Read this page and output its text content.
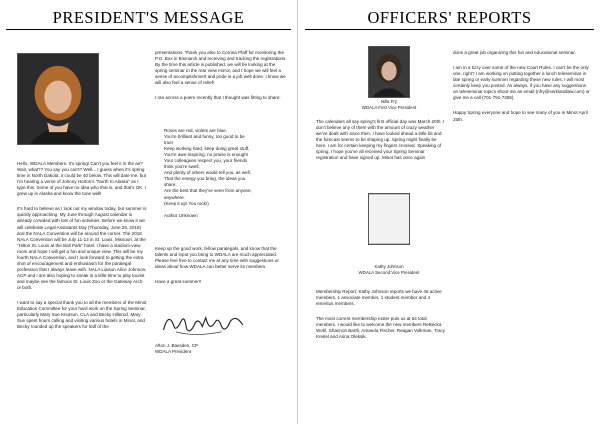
PRESIDENT'S MESSAGE

Hello, WDALA Members. It's spring! Can't you feel it in the air? Wait, what?? You say you can't? Well... I guess when it's spring time in North Dakota, it could be 40 below. This will date me, but I'm hearing a verse of Johnny Horton's "North to Alaska" as I type this. Some of you have no idea who that is, and that's OK. I grew up in Alaska and know the tune well!

It's hard to believe as I look out my window today, but summer is quickly approaching. My June through August calendar is already crowded with lots of fun activities. Before we know it we will celebrate Legal Assistants Day (Thursday, June 28, 2018) and the NALA Convention will be around the corner. The 2018 NALA Convention will be July 11-13 in St. Louis, Missouri, at the "Hilton St. Louis at the Ball Park" hotel. I have a stadium-view room and hope I will get a fun and unique view. This will be my fourth NALA Convention, and I look forward to getting the extra shot of encouragement and enthusiasm for the paralegal profession that I always leave with. NALA Liaison Alice Johnson, ACP and I are also hoping to sneak in a little time to play tourist and maybe see the famous St. Louis Zoo or the Gateway Arch or both.

I want to say a special thank you to all the members of the Minot Education Committee for your hard work on the Spring Seminar, particularly Mary Sue Knutson, CLA and Becky Hillerud. Mary Sue spent hours calling and visiting various hotels in Minot, and Becky rounded up the speakers for half of the

presentations. Thank you also to Corrina Pfaff for monitoring the P.O. Box in Bismarck and receiving and tracking the registrations. By the time this article is published, we will be looking at the spring seminar in the rear view mirror, and I hope we will feel a sense of accomplishment and pride in a job well done. I know we will also feel a sense of relief!

I ran across a poem recently that I thought was fitting to share:

Roses are red, violets are blue.
You're brilliant and funny, too good to be
true!
Keep working hard, keep doing great stuff,
You're awe-inspiring, no praise is enough!
Your colleagues respect you, your friends
think you're swell,
And plenty of others would tell you, as well,
That the energy you bring, the ideas you
share,
Are the best that they've seen from anyone,
anywhere.
(Keep it up! You rock!)

Author Unknown

Keep up the good work, fellow paralegals, and know that the talents and input you bring to WDALA are much appreciated. Please feel free to contact me at any time with suggestions or ideas about how WDALA can better serve its members.

Have a great summer!!

Afton J. Baesden, CP
WDALA President
OFFICERS' REPORTS
Nilla Fry
WDALA First Vice President

The calendars all say spring's first official day was March 20th. I don't believe any of them with the amount of crazy weather we've dealt with since then. I have looked ahead a little bit and the forecast seems to be shaping up. Spring might finally be here. I am for certain keeping my fingers crossed. Speaking of spring, I hope you've all received your Spring Seminar registration and have signed up. Minot has once again

Kathy Johnson
WDALA Second Vice President

Membership Report: Kathy Johnson reports we have 48 active members, 1 associate member, 1 student member and 4 emeritus members.

The most current membership roster puts us at 54 total members. I would like to welcome the new members ReBecka Wohl, Shannon Barth, Amanda Fischer, Reagan Volkman, Tracy Kreitel and Anna Oleksik.

done a great job organizing this fun and educational seminar.

I am in a tizzy over some of the new Court Rules. I can't be the only one, right? I am working on putting together a lunch teleseminar in late spring or early summer regarding these new rules. I will most certainly keep you posted. As always, if you have any suggestions on teleseminar topics shoot me an email (nfry@serklandlaw.com) or give me a call (701-751-7355).

Happy Spring everyone and hope to see many of you in Minot April 25th.
